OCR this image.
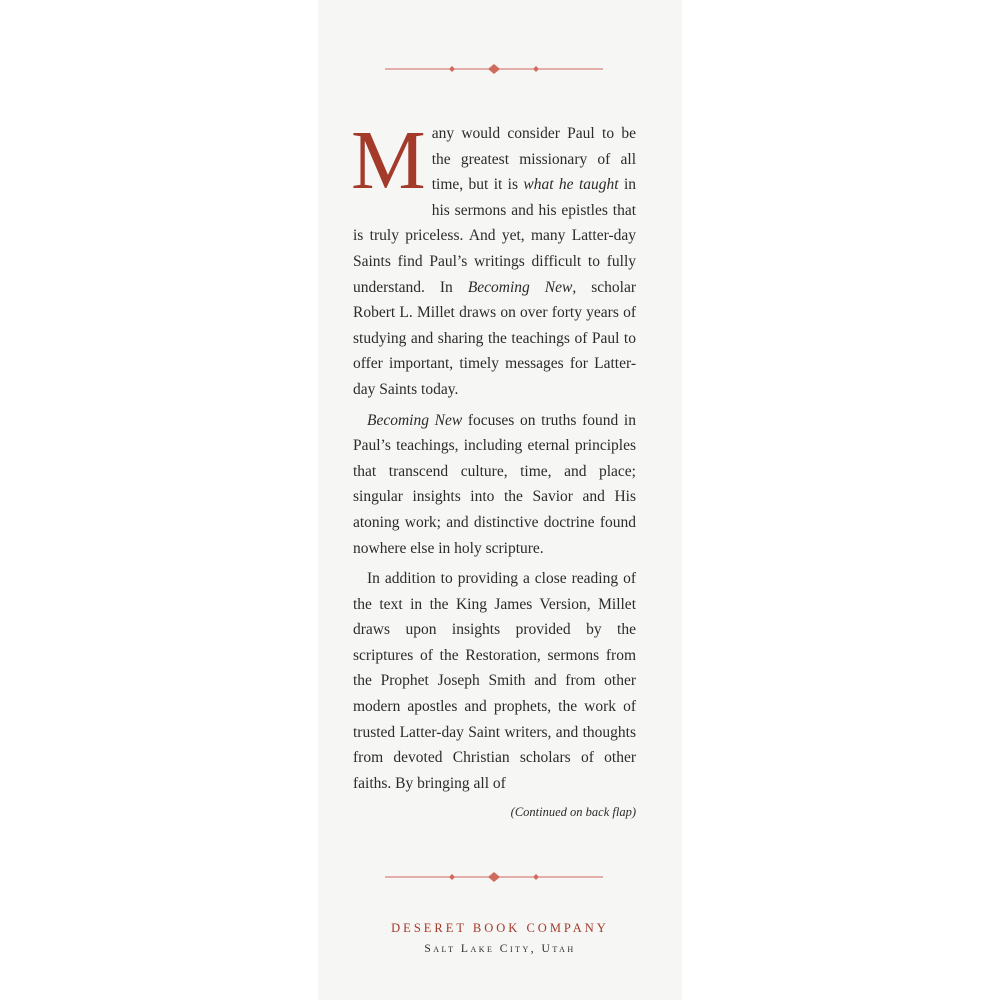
Many would consider Paul to be the greatest missionary of all time, but it is what he taught in his sermons and his epistles that is truly priceless. And yet, many Latter-day Saints find Paul’s writings difficult to fully understand. In Becoming New, scholar Robert L. Millet draws on over forty years of studying and sharing the teachings of Paul to offer important, timely messages for Latter-day Saints today.

Becoming New focuses on truths found in Paul’s teachings, including eternal principles that transcend culture, time, and place; singular insights into the Savior and His atoning work; and distinctive doctrine found nowhere else in holy scripture.

In addition to providing a close reading of the text in the King James Version, Millet draws upon insights provided by the scriptures of the Restoration, sermons from the Prophet Joseph Smith and from other modern apostles and prophets, the work of trusted Latter-day Saint writers, and thoughts from devoted Christian scholars of other faiths. By bringing all of

(Continued on back flap)
DESERET BOOK COMPANY
Salt Lake City, Utah
